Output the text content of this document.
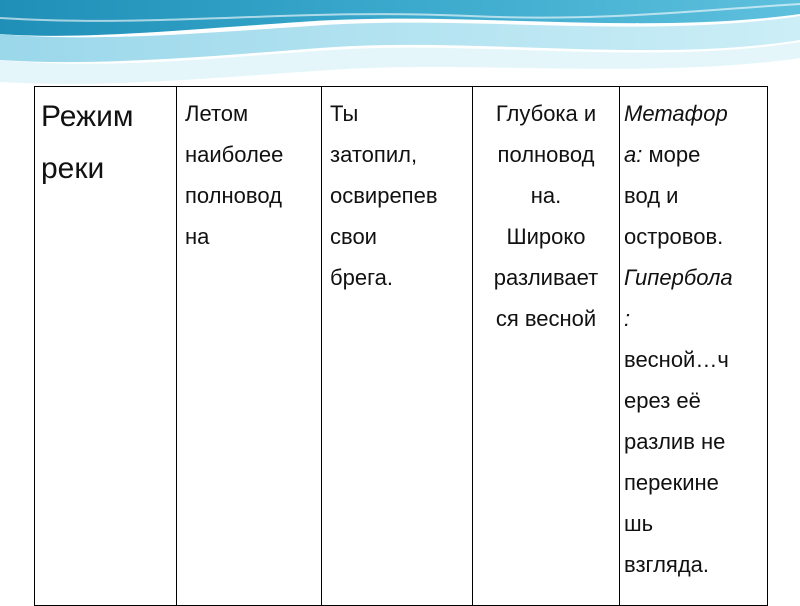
Режим
реки

Летом
наиболее
полновод
на

Ты
затопил,
освирепев
свои
брега.

Глубока и
полновод
на.
Широко
разливает
ся весной

Метафор
а: море
вод и
островов.
Гипербола
:
весной…ч
ерез её
разлив не
перекине
шь
взгляда.
